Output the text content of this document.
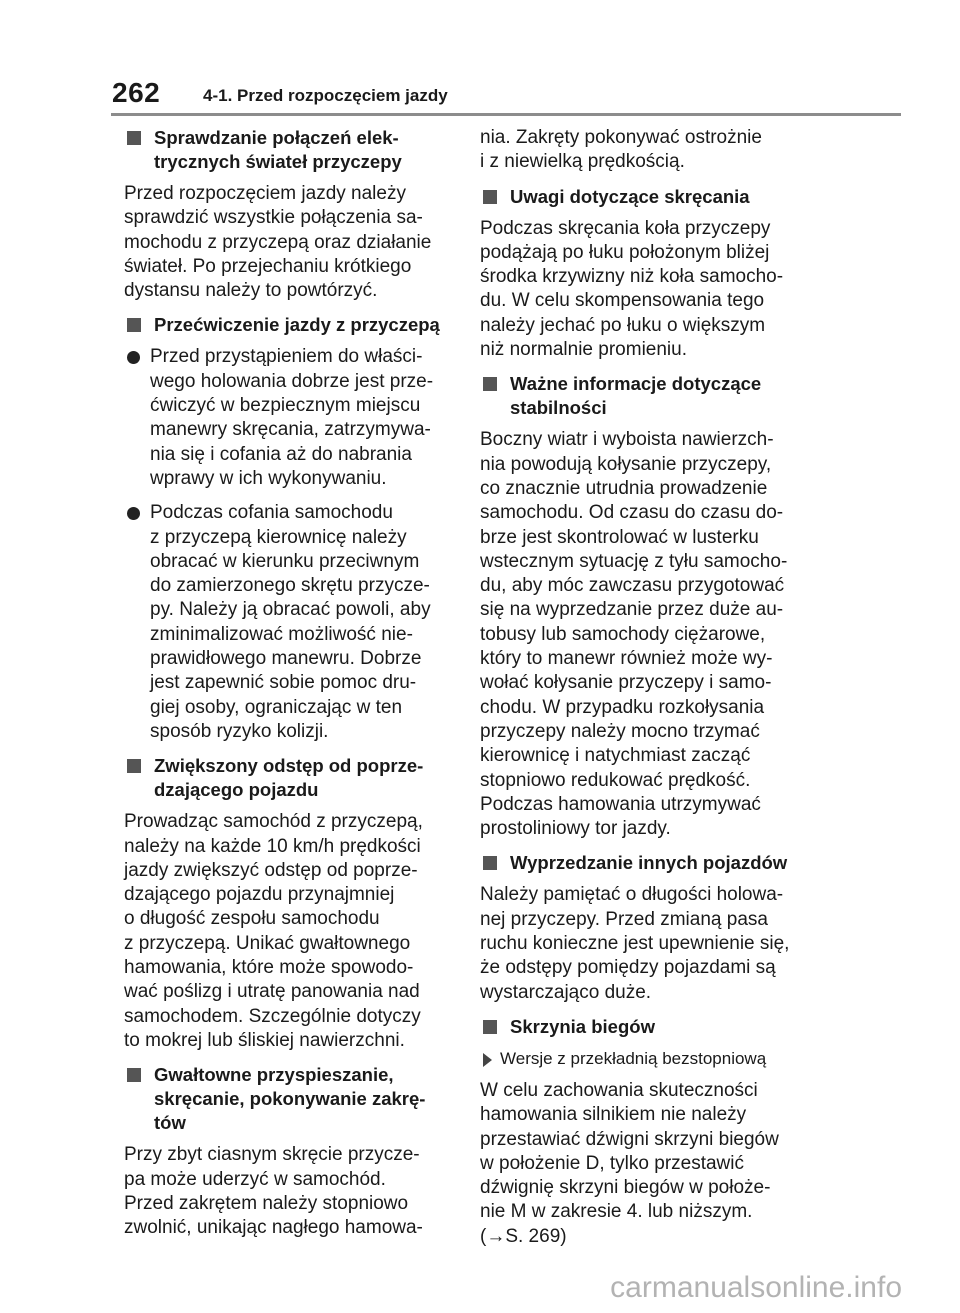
262	4-1. Przed rozpoczęciem jazdy
Sprawdzanie połączeń elek-
trycznych świateł przyczepy
Przed rozpoczęciem jazdy należy
sprawdzić wszystkie połączenia sa-
mochodu z przyczepą oraz działanie
świateł. Po przejechaniu krótkiego
dystansu należy to powtórzyć.
Przećwiczenie jazdy z przyczepą
Przed przystąpieniem do właści-
wego holowania dobrze jest prze-
ćwiczyć w bezpiecznym miejscu
manewry skręcania, zatrzymywa-
nia się i cofania aż do nabrania
wprawy w ich wykonywaniu.
Podczas cofania samochodu
z przyczepą kierownicę należy
obracać w kierunku przeciwnym
do zamierzonego skrętu przycze-
py. Należy ją obracać powoli, aby
zminimalizować możliwość nie-
prawidłowego manewru. Dobrze
jest zapewnić sobie pomoc dru-
giej osoby, ograniczając w ten
sposób ryzyko kolizji.
Zwiększony odstęp od poprze-
dzającego pojazdu
Prowadząc samochód z przyczepą,
należy na każde 10 km/h prędkości
jazdy zwiększyć odstęp od poprze-
dzającego pojazdu przynajmniej
o długość zespołu samochodu
z przyczepą. Unikać gwałtownego
hamowania, które może spowodo-
wać poślizg i utratę panowania nad
samochodem. Szczególnie dotyczy
to mokrej lub śliskiej nawierzchni.
Gwałtowne przyspieszanie,
skręcanie, pokonywanie zakrę-
tów
Przy zbyt ciasnym skręcie przycze-
pa może uderzyć w samochód.
Przed zakrętem należy stopniowo
zwolnić, unikając nagłego hamowa-
nia. Zakręty pokonywać ostrożnie
i z niewielką prędkością.
Uwagi dotyczące skręcania
Podczas skręcania koła przyczepy
podążają po łuku położonym bliżej
środka krzywizny niż koła samocho-
du. W celu skompensowania tego
należy jechać po łuku o większym
niż normalnie promieniu.
Ważne informacje dotyczące
stabilności
Boczny wiatr i wyboista nawierzch-
nia powodują kołysanie przyczepy,
co znacznie utrudnia prowadzenie
samochodu. Od czasu do czasu do-
brze jest skontrolować w lusterku
wstecznym sytuację z tyłu samocho-
du, aby móc zawczasu przygotować
się na wyprzedzanie przez duże au-
tobusy lub samochody ciężarowe,
który to manewr również może wy-
wołać kołysanie przyczepy i samo-
chodu. W przypadku rozkołysania
przyczepy należy mocno trzymać
kierownicę i natychmiast zacząć
stopniowo redukować prędkość.
Podczas hamowania utrzymywać
prostoliniowy tor jazdy.
Wyprzedzanie innych pojazdów
Należy pamiętać o długości holowa-
nej przyczepy. Przed zmianą pasa
ruchu konieczne jest upewnienie się,
że odstępy pomiędzy pojazdami są
wystarczająco duże.
Skrzynia biegów
Wersje z przekładnią bezstopniową
W celu zachowania skuteczności
hamowania silnikiem nie należy
przestawiać dźwigni skrzyni biegów
w położenie D, tylko przestawić
dźwignię skrzyni biegów w położe-
nie M w zakresie 4. lub niższym.
(→S. 269)
carmanualsonline.info
